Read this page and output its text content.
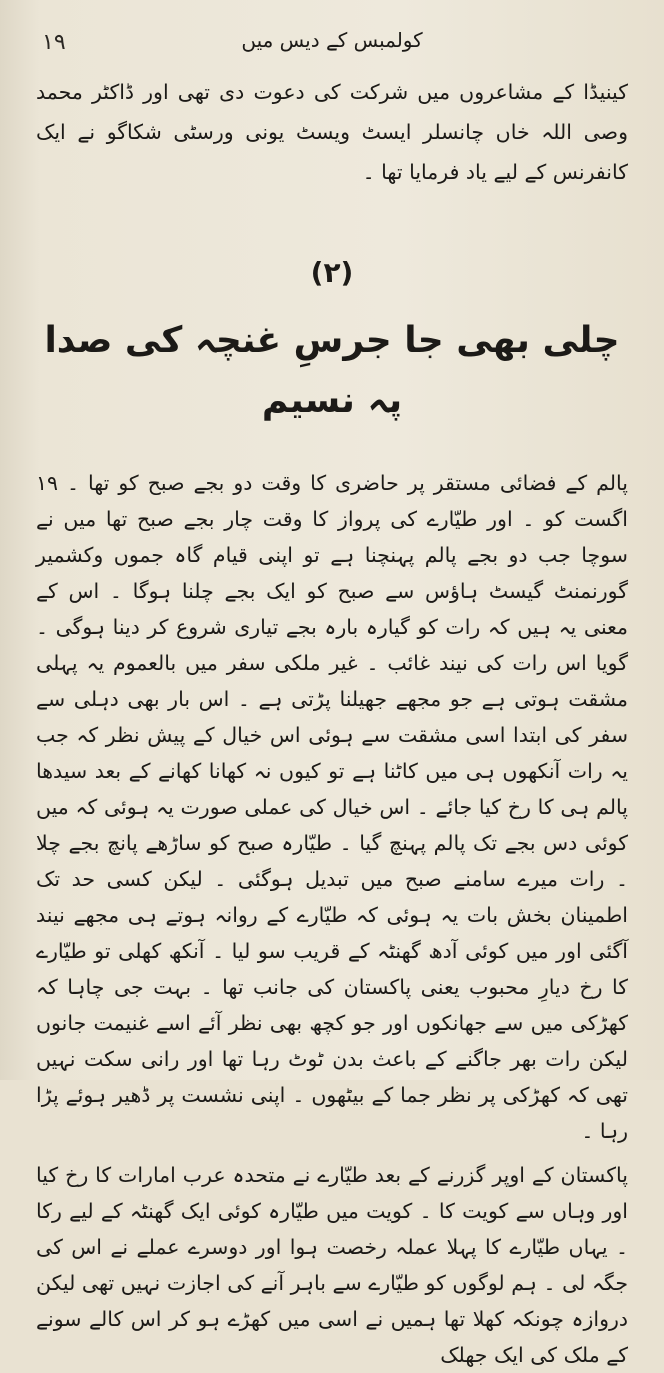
١٩	کولمبس کے دیس میں

کینیڈا کے مشاعروں میں شرکت کی دعوت دی تھی اور ڈاکٹر محمد وصی اللہ خاں چانسلر ایسٹ ویسٹ یونی ورسٹی شکاگو نے ایک کانفرنس کے لیے یاد فرمایا تھا ۔

(۲)
چلی بھی جا جرسِ غنچہ کی صدا پہ نسیم

پالم کے فضائی مستقر پر حاضری کا وقت دو بجے صبح کو تھا ۔ ۱۹ اگست کو ۔ اور طیّارے کی پرواز کا وقت چار بجے صبح تھا میں نے سوچا جب دو بجے پالم پہنچنا ہے تو اپنی قیام گاہ جموں وکشمیر گورنمنٹ گیسٹ ہاؤس سے صبح کو ایک بجے چلنا ہوگا ۔ اس کے معنی یہ ہیں کہ رات کو گیارہ بارہ بجے تیاری شروع کر دینا ہوگی ۔ گویا اس رات کی نیند غائب ۔ غیر ملکی سفر میں بالعموم یہ پہلی مشقت ہوتی ہے جو مجھے جھیلنا پڑتی ہے ۔ اس بار بھی دہلی سے سفر کی ابتدا اسی مشقت سے ہوئی اس خیال کے پیش نظر کہ جب یہ رات آنکھوں ہی میں کاٹنا ہے تو کیوں نہ کھانا کھانے کے بعد سیدھا پالم ہی کا رخ کیا جائے ۔ اس خیال کی عملی صورت یہ ہوئی کہ میں کوئی دس بجے تک پالم پہنچ گیا ۔ طیّارہ صبح کو ساڑھے پانچ بجے چلا ۔ رات میرے سامنے صبح میں تبدیل ہوگئی ۔ لیکن کسی حد تک اطمینان بخش بات یہ ہوئی کہ طیّارے کے روانہ ہوتے ہی مجھے نیند آگئی اور میں کوئی آدھ گھنٹہ کے قریب سو لیا ۔ آنکھ کھلی تو طیّارے کا رخ دیارِ محبوب یعنی پاکستان کی جانب تھا ۔ بہت جی چاہا کہ کھڑکی میں سے جھانکوں اور جو کچھ بھی نظر آئے اسے غنیمت جانوں لیکن رات بھر جاگنے کے باعث بدن ٹوٹ رہا تھا اور رانی سکت نہیں تھی کہ کھڑکی پر نظر جما کے بیٹھوں ۔ اپنی نشست پر ڈھیر ہوئے پڑا رہا ۔

پاکستان کے اوپر گزرنے کے بعد طیّارے نے متحدہ عرب امارات کا رخ کیا اور وہاں سے کویت کا ۔ کویت میں طیّارہ کوئی ایک گھنٹہ کے لیے رکا ۔ یہاں طیّارے کا پہلا عملہ رخصت ہوا اور دوسرے عملے نے اس کی جگہ لی ۔ ہم لوگوں کو طیّارے سے باہر آنے کی اجازت نہیں تھی لیکن دروازہ چونکہ کھلا تھا ہمیں نے اسی میں کھڑے ہو کر اس کالے سونے کے ملک کی ایک جھلک
